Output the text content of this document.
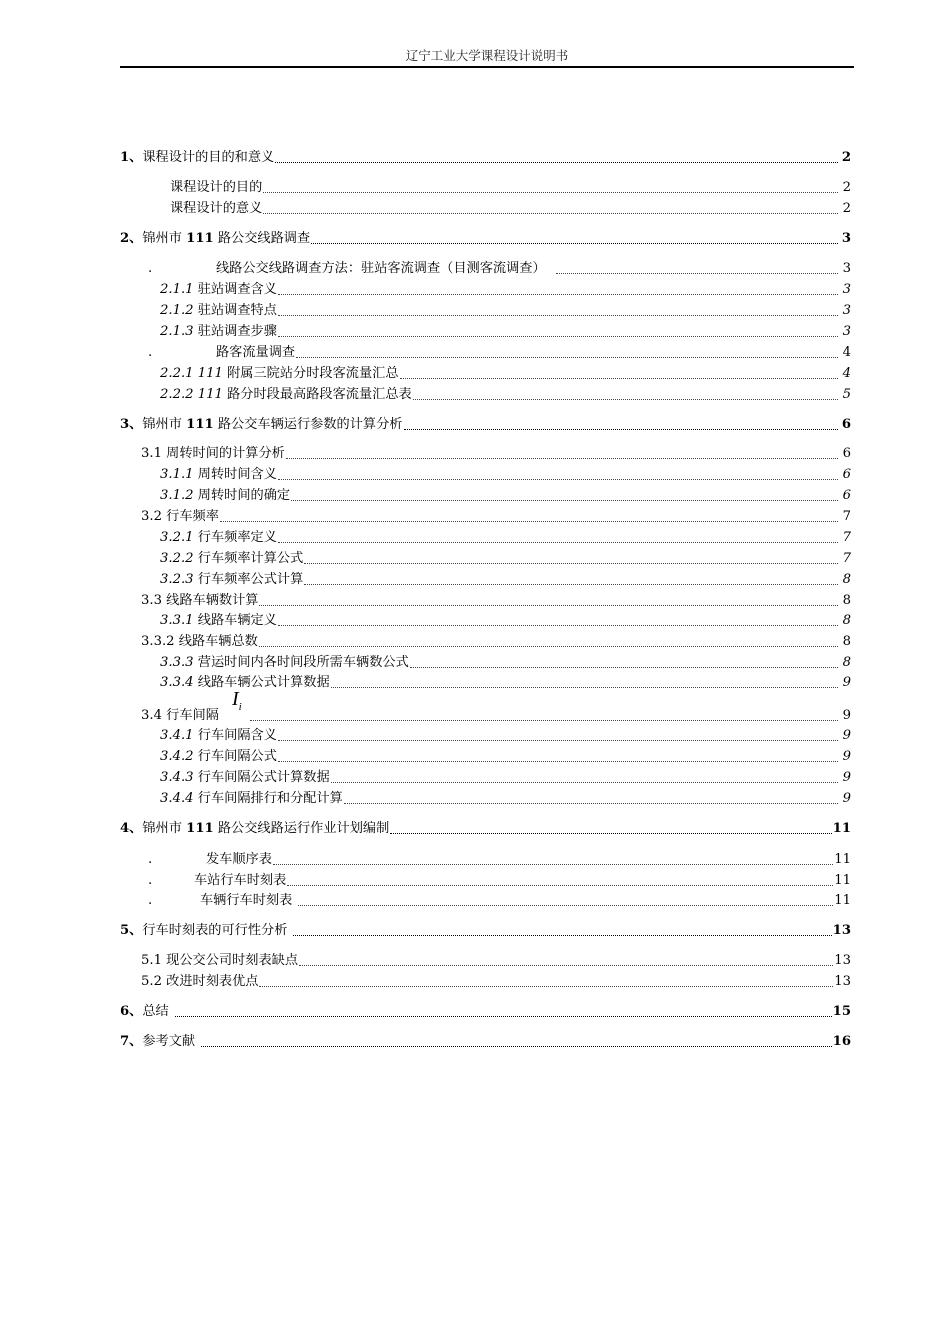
辽宁工业大学课程设计说明书
1、课程设计的目的和意义	2
课程设计的目的	2
课程设计的意义	2
2、锦州市 111 路公交线路调查	3
.	线路公交线路调查方法：驻站客流调查（目测客流调查）	3
2.1.1 驻站调查含义	3
2.1.2 驻站调查特点	3
2.1.3 驻站调查步骤	3
.	路客流量调查	4
2.2.1 111 附属三院站分时段客流量汇总	4
2.2.2 111 路分时段最高路段客流量汇总表	5
3、锦州市 111 路公交车辆运行参数的计算分析	6
3.1 周转时间的计算分析	6
3.1.1 周转时间含义	6
3.1.2 周转时间的确定	6
3.2 行车频率	7
3.2.1 行车频率定义	7
3.2.2 行车频率计算公式	7
3.2.3 行车频率公式计算	8
3.3 线路车辆数计算	8
3.3.1 线路车辆定义	8
3.3.2 线路车辆总数	8
3.3.3 营运时间内各时间段所需车辆数公式	8
3.3.4 线路车辆公式计算数据	9
$I_i$
3.4 行车间隔	9
3.4.1 行车间隔含义	9
3.4.2 行车间隔公式	9
3.4.3 行车间隔公式计算数据	9
3.4.4 行车间隔排行和分配计算	9
4、锦州市 111 路公交线路运行作业计划编制	11
.	发车顺序表	11
.	车站行车时刻表	11
.	车辆行车时刻表	11
5、行车时刻表的可行性分析	13
5.1 现公交公司时刻表缺点	13
5.2 改进时刻表优点	13
6、总结	15
7、参考文献	16
